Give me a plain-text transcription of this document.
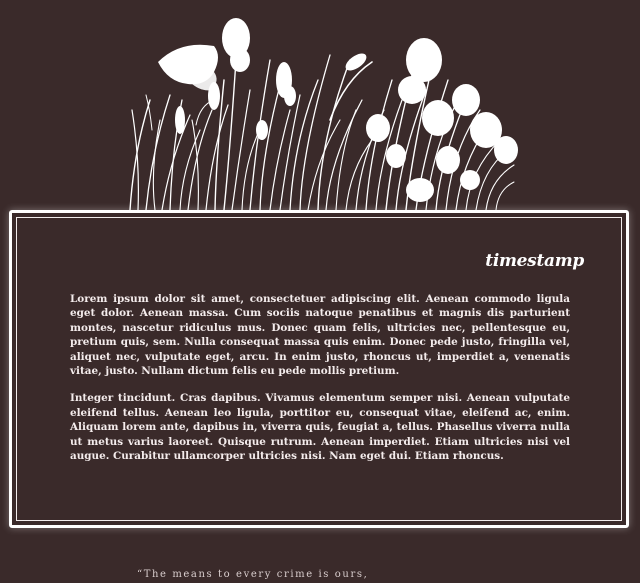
timestamp

Lorem ipsum dolor sit amet, consectetuer adipiscing elit. Aenean commodo ligula eget dolor. Aenean massa. Cum sociis natoque penatibus et magnis dis parturient montes, nascetur ridiculus mus. Donec quam felis, ultricies nec, pellentesque eu, pretium quis, sem. Nulla consequat massa quis enim. Donec pede justo, fringilla vel, aliquet nec, vulputate eget, arcu. In enim justo, rhoncus ut, imperdiet a, venenatis vitae, justo. Nullam dictum felis eu pede mollis pretium.

Integer tincidunt. Cras dapibus. Vivamus elementum semper nisi. Aenean vulputate eleifend tellus. Aenean leo ligula, porttitor eu, consequat vitae, eleifend ac, enim. Aliquam lorem ante, dapibus in, viverra quis, feugiat a, tellus. Phasellus viverra nulla ut metus varius laoreet. Quisque rutrum. Aenean imperdiet. Etiam ultricies nisi vel augue. Curabitur ullamcorper ultricies nisi. Nam eget dui. Etiam rhoncus.

“The means to every crime is ours,
